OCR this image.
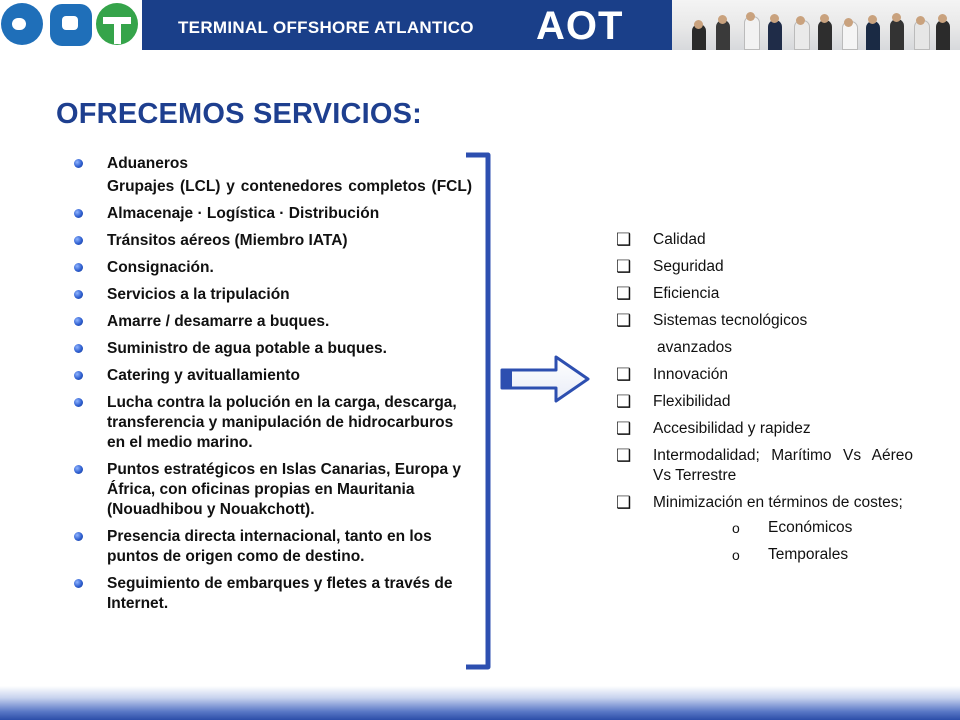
TERMINAL OFFSHORE ATLANTICO AOT
OFRECEMOS SERVICIOS:
Aduaneros
Grupajes (LCL) y contenedores completos (FCL)
Almacenaje · Logística · Distribución
Tránsitos aéreos (Miembro IATA)
Consignación.
Servicios a la tripulación
Amarre / desamarre a buques.
Suministro de agua potable a buques.
Catering y avituallamiento
Lucha contra la polución en la carga, descarga, transferencia y manipulación de hidrocarburos en el medio marino.
Puntos estratégicos en Islas Canarias, Europa y África, con oficinas propias en Mauritania (Nouadhibou y Nouakchott).
Presencia directa internacional, tanto en los puntos de origen como de destino.
Seguimiento de embarques y fletes a través de Internet.
❑ Calidad
❑ Seguridad
❑ Eficiencia
❑ Sistemas tecnológicos
avanzados
❑ Innovación
❑ Flexibilidad
❑ Accesibilidad y rapidez
❑ Intermodalidad; Marítimo Vs Aéreo Vs Terrestre
❑ Minimización en términos de costes;
o Económicos
o Temporales
